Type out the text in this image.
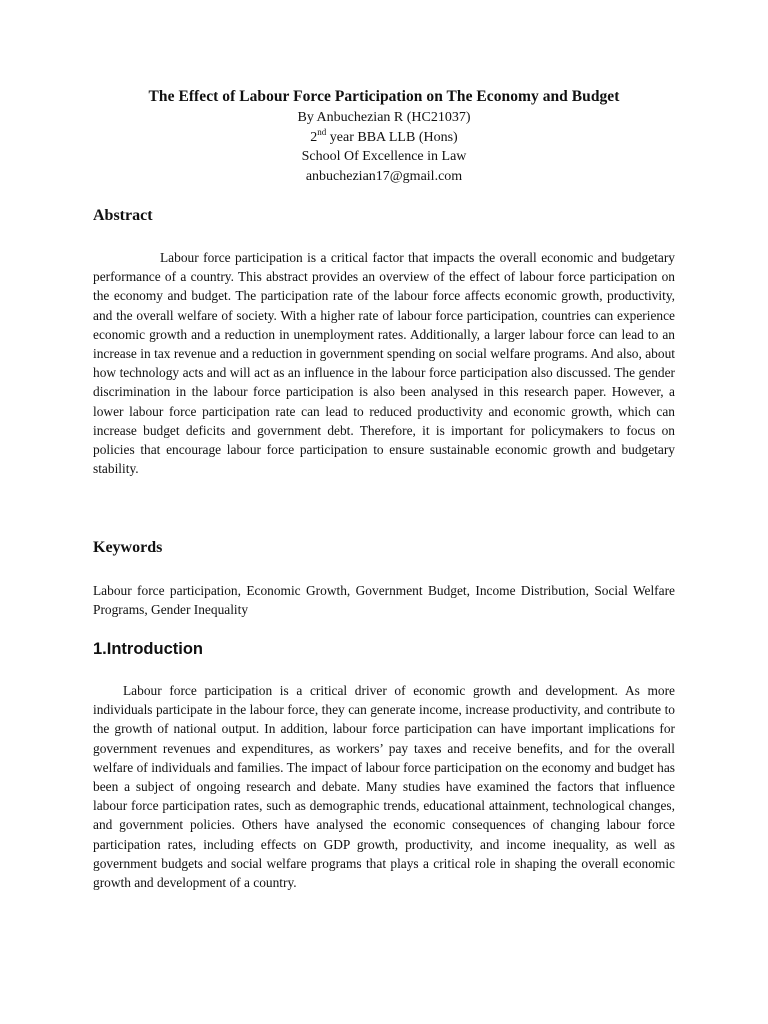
The Effect of Labour Force Participation on The Economy and Budget
By Anbuchezian R (HC21037)
2nd year BBA LLB (Hons)
School Of Excellence in Law
anbuchezian17@gmail.com
Abstract

Labour force participation is a critical factor that impacts the overall economic and budgetary performance of a country. This abstract provides an overview of the effect of labour force participation on the economy and budget. The participation rate of the labour force affects economic growth, productivity, and the overall welfare of society. With a higher rate of labour force participation, countries can experience economic growth and a reduction in unemployment rates. Additionally, a larger labour force can lead to an increase in tax revenue and a reduction in government spending on social welfare programs. And also, about how technology acts and will act as an influence in the labour force participation also discussed. The gender discrimination in the labour force participation is also been analysed in this research paper. However, a lower labour force participation rate can lead to reduced productivity and economic growth, which can increase budget deficits and government debt. Therefore, it is important for policymakers to focus on policies that encourage labour force participation to ensure sustainable economic growth and budgetary stability.

Keywords

Labour force participation, Economic Growth, Government Budget, Income Distribution, Social Welfare Programs, Gender Inequality

1.Introduction

Labour force participation is a critical driver of economic growth and development. As more individuals participate in the labour force, they can generate income, increase productivity, and contribute to the growth of national output. In addition, labour force participation can have important implications for government revenues and expenditures, as workers’ pay taxes and receive benefits, and for the overall welfare of individuals and families. The impact of labour force participation on the economy and budget has been a subject of ongoing research and debate. Many studies have examined the factors that influence labour force participation rates, such as demographic trends, educational attainment, technological changes, and government policies. Others have analysed the economic consequences of changing labour force participation rates, including effects on GDP growth, productivity, and income inequality, as well as government budgets and social welfare programs that plays a critical role in shaping the overall economic growth and development of a country.
